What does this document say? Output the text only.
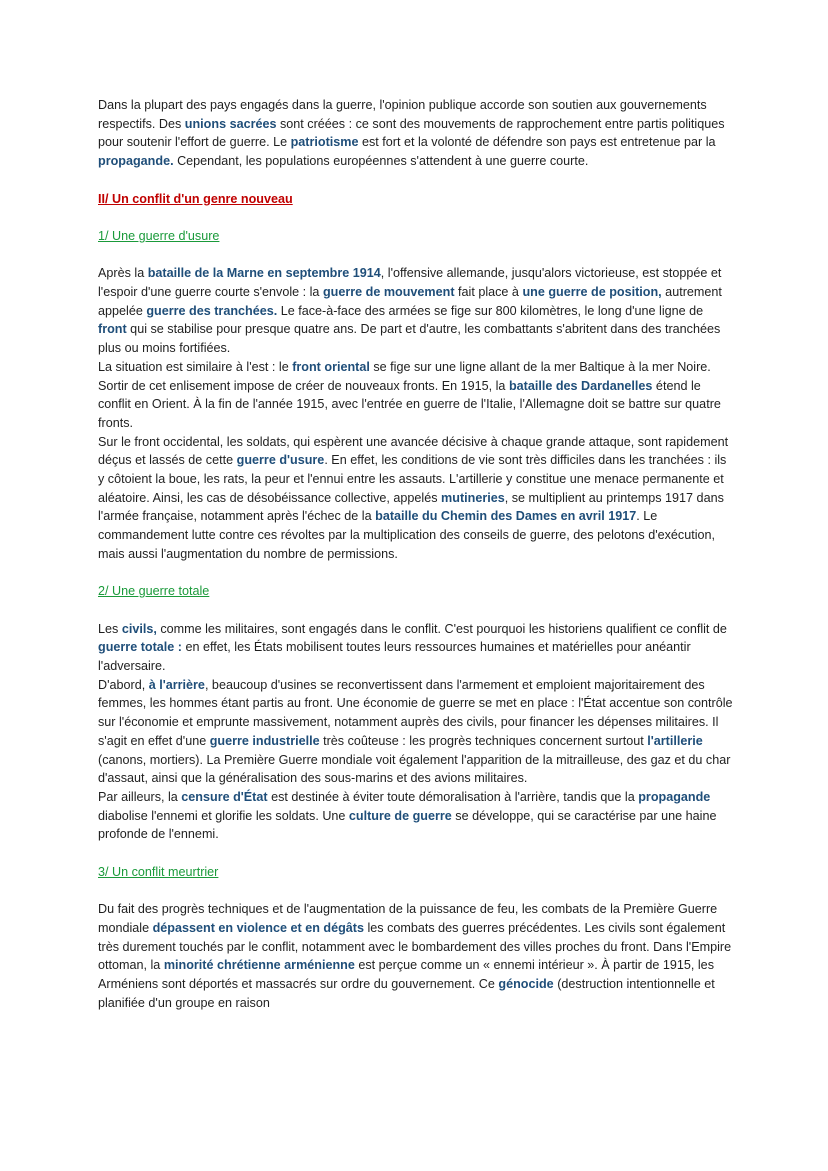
Dans la plupart des pays engagés dans la guerre, l'opinion publique accorde son soutien aux gouvernements respectifs. Des unions sacrées sont créées : ce sont des mouvements de rapprochement entre partis politiques pour soutenir l'effort de guerre. Le patriotisme est fort et la volonté de défendre son pays est entretenue par la propagande. Cependant, les populations européennes s'attendent à une guerre courte.

II/ Un conflit d'un genre nouveau

1/ Une guerre d'usure

Après la bataille de la Marne en septembre 1914, l'offensive allemande, jusqu'alors victorieuse, est stoppée et l'espoir d'une guerre courte s'envole : la guerre de mouvement fait place à une guerre de position, autrement appelée guerre des tranchées. Le face-à-face des armées se fige sur 800 kilomètres, le long d'une ligne de front qui se stabilise pour presque quatre ans. De part et d'autre, les combattants s'abritent dans des tranchées plus ou moins fortifiées.

La situation est similaire à l'est : le front oriental se fige sur une ligne allant de la mer Baltique à la mer Noire. Sortir de cet enlisement impose de créer de nouveaux fronts. En 1915, la bataille des Dardanelles étend le conflit en Orient. À la fin de l'année 1915, avec l'entrée en guerre de l'Italie, l'Allemagne doit se battre sur quatre fronts.

Sur le front occidental, les soldats, qui espèrent une avancée décisive à chaque grande attaque, sont rapidement déçus et lassés de cette guerre d'usure. En effet, les conditions de vie sont très difficiles dans les tranchées : ils y côtoient la boue, les rats, la peur et l'ennui entre les assauts. L'artillerie y constitue une menace permanente et aléatoire. Ainsi, les cas de désobéissance collective, appelés mutineries, se multiplient au printemps 1917 dans l'armée française, notamment après l'échec de la bataille du Chemin des Dames en avril 1917. Le commandement lutte contre ces révoltes par la multiplication des conseils de guerre, des pelotons d'exécution, mais aussi l'augmentation du nombre de permissions.

2/ Une guerre totale

Les civils, comme les militaires, sont engagés dans le conflit. C'est pourquoi les historiens qualifient ce conflit de guerre totale : en effet, les États mobilisent toutes leurs ressources humaines et matérielles pour anéantir l'adversaire.

D'abord, à l'arrière, beaucoup d'usines se reconvertissent dans l'armement et emploient majoritairement des femmes, les hommes étant partis au front. Une économie de guerre se met en place : l'État accentue son contrôle sur l'économie et emprunte massivement, notamment auprès des civils, pour financer les dépenses militaires. Il s'agit en effet d'une guerre industrielle très coûteuse : les progrès techniques concernent surtout l'artillerie (canons, mortiers). La Première Guerre mondiale voit également l'apparition de la mitrailleuse, des gaz et du char d'assaut, ainsi que la généralisation des sous-marins et des avions militaires.

Par ailleurs, la censure d'État est destinée à éviter toute démoralisation à l'arrière, tandis que la propagande diabolise l'ennemi et glorifie les soldats. Une culture de guerre se développe, qui se caractérise par une haine profonde de l'ennemi.

3/ Un conflit meurtrier

Du fait des progrès techniques et de l'augmentation de la puissance de feu, les combats de la Première Guerre mondiale dépassent en violence et en dégâts les combats des guerres précédentes. Les civils sont également très durement touchés par le conflit, notamment avec le bombardement des villes proches du front. Dans l'Empire ottoman, la minorité chrétienne arménienne est perçue comme un « ennemi intérieur ». À partir de 1915, les Arméniens sont déportés et massacrés sur ordre du gouvernement. Ce génocide (destruction intentionnelle et planifiée d'un groupe en raison
